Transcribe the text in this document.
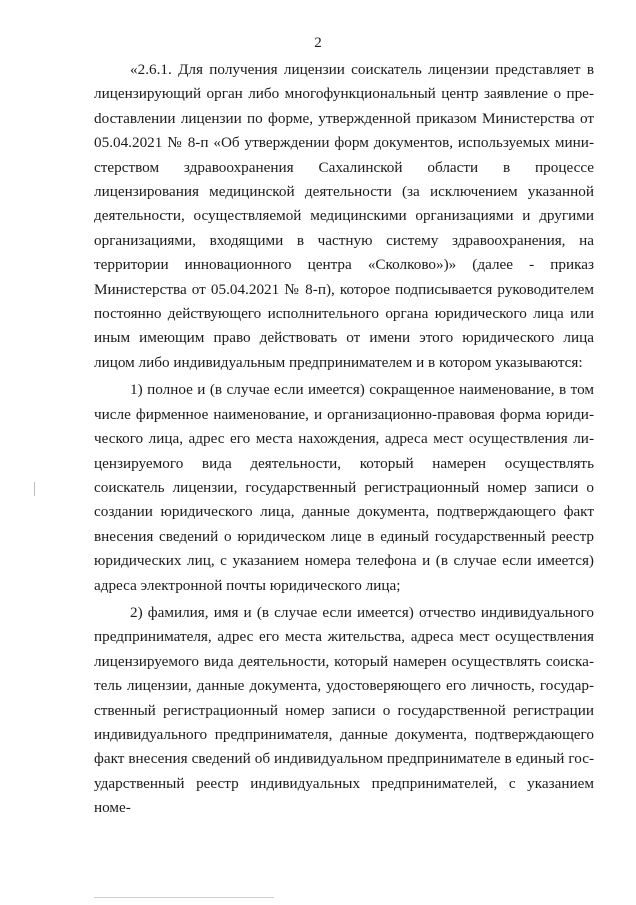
2

«2.6.1. Для получения лицензии соискатель лицензии представляет в лицензирующий орган либо многофункциональный центр заявление о преdоставлении лицензии по форме, утвержденной приказом Министерства от 05.04.2021 № 8-п «Об утверждении форм документов, используемых министерством здравоохранения Сахалинской области в процессе лицензирования медицинской деятельности (за исключением указанной деятельности, осуществляемой медицинскими организациями и другими организациями, входящими в частную систему здравоохранения, на территории инновационного центра «Сколково»)» (далее - приказ Министерства от 05.04.2021 № 8-п), которое подписывается руководителем постоянно действующего исполнительного органа юридического лица или иным имеющим право действовать от имени этого юридического лица лицом либо индивидуальным предпринимателем и в котором указываются:

1) полное и (в случае если имеется) сокращенное наименование, в том числе фирменное наименование, и организационно-правовая форма юридического лица, адрес его места нахождения, адреса мест осуществления лицензируемого вида деятельности, который намерен осуществлять соискатель лицензии, государственный регистрационный номер записи о создании юридического лица, данные документа, подтверждающего факт внесения сведений о юридическом лице в единый государственный реестр юридических лиц, с указанием номера телефона и (в случае если имеется) адреса электронной почты юридического лица;

2) фамилия, имя и (в случае если имеется) отчество индивидуального предпринимателя, адрес его места жительства, адреса мест осуществления лицензируемого вида деятельности, который намерен осуществлять соискатель лицензии, данные документа, удостоверяющего его личность, государственный регистрационный номер записи о государственной регистрации индивидуального предпринимателя, данные документа, подтверждающего факт внесения сведений об индивидуальном предпринимателе в единый государственный реестр индивидуальных предпринимателей, с указанием номе-
